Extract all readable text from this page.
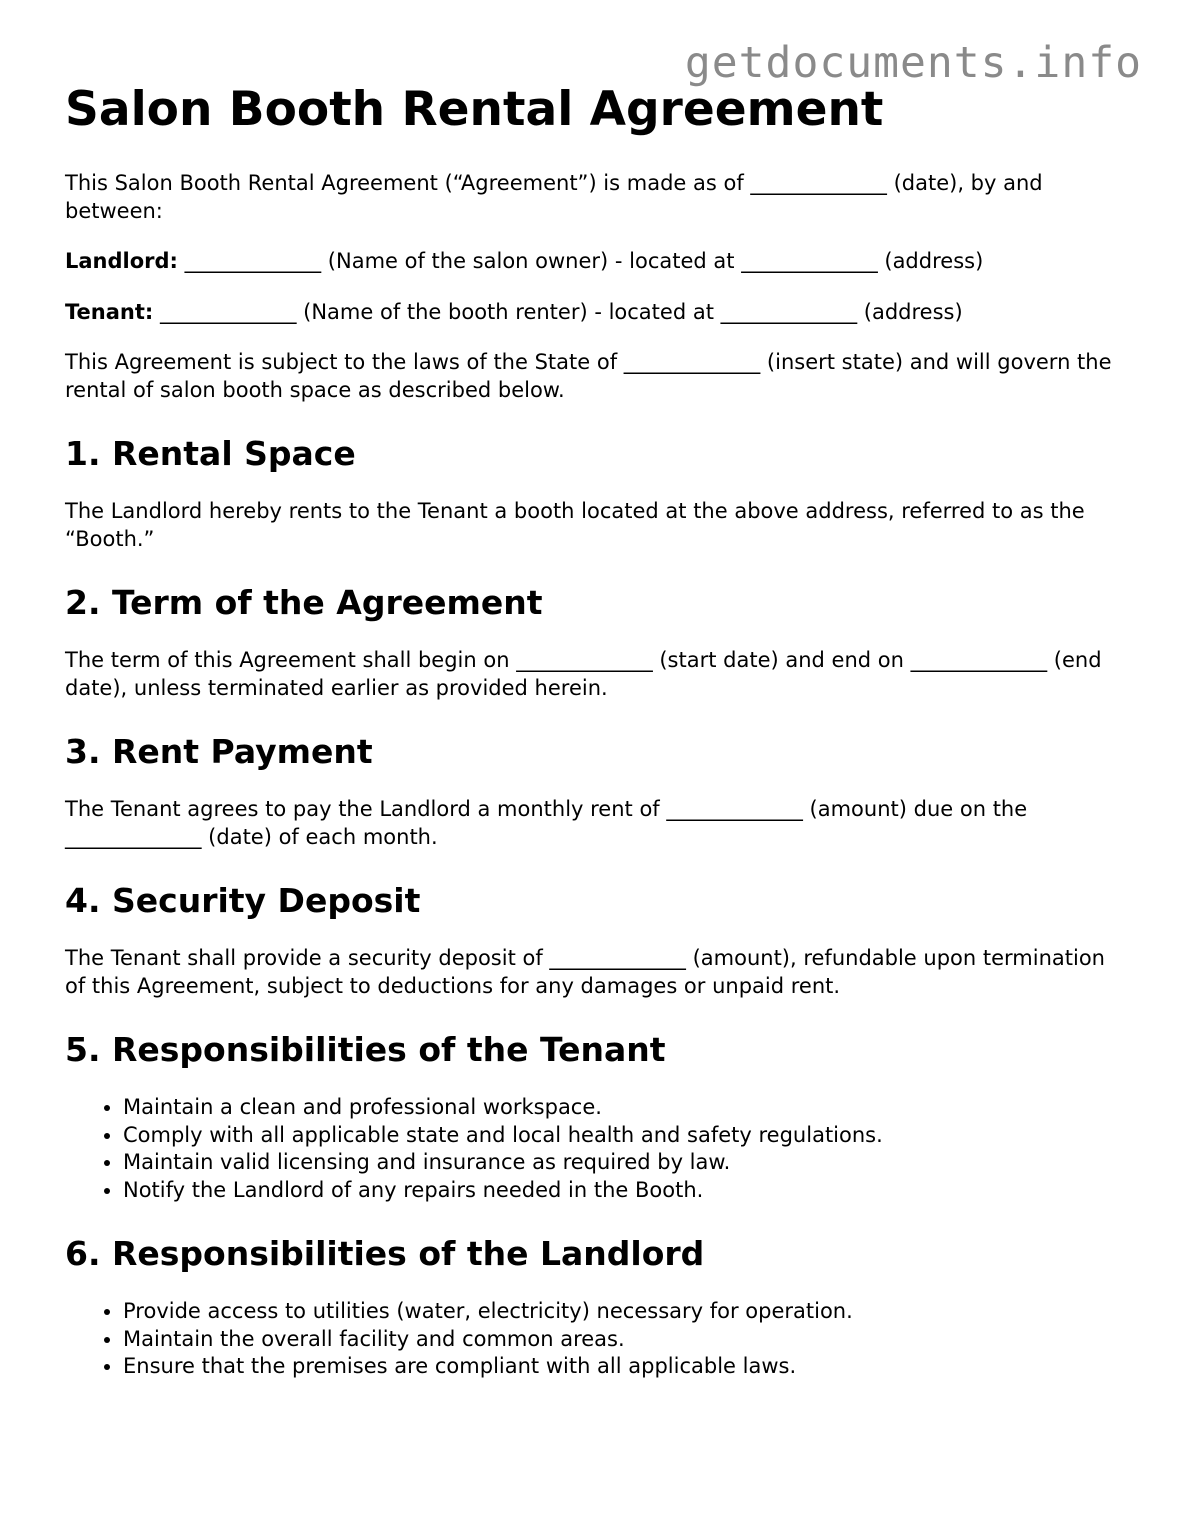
getdocuments.info
Salon Booth Rental Agreement

This Salon Booth Rental Agreement (“Agreement”) is made as of _____________ (date), by and between:

Landlord: _____________ (Name of the salon owner) - located at _____________ (address)

Tenant: _____________ (Name of the booth renter) - located at _____________ (address)

This Agreement is subject to the laws of the State of _____________ (insert state) and will govern the rental of salon booth space as described below.

1. Rental Space

The Landlord hereby rents to the Tenant a booth located at the above address, referred to as the “Booth.”

2. Term of the Agreement

The term of this Agreement shall begin on _____________ (start date) and end on _____________ (end date), unless terminated earlier as provided herein.

3. Rent Payment

The Tenant agrees to pay the Landlord a monthly rent of _____________ (amount) due on the _____________ (date) of each month.

4. Security Deposit

The Tenant shall provide a security deposit of _____________ (amount), refundable upon termination of this Agreement, subject to deductions for any damages or unpaid rent.

5. Responsibilities of the Tenant
• Maintain a clean and professional workspace.
• Comply with all applicable state and local health and safety regulations.
• Maintain valid licensing and insurance as required by law.
• Notify the Landlord of any repairs needed in the Booth.
6. Responsibilities of the Landlord
• Provide access to utilities (water, electricity) necessary for operation.
• Maintain the overall facility and common areas.
• Ensure that the premises are compliant with all applicable laws.
